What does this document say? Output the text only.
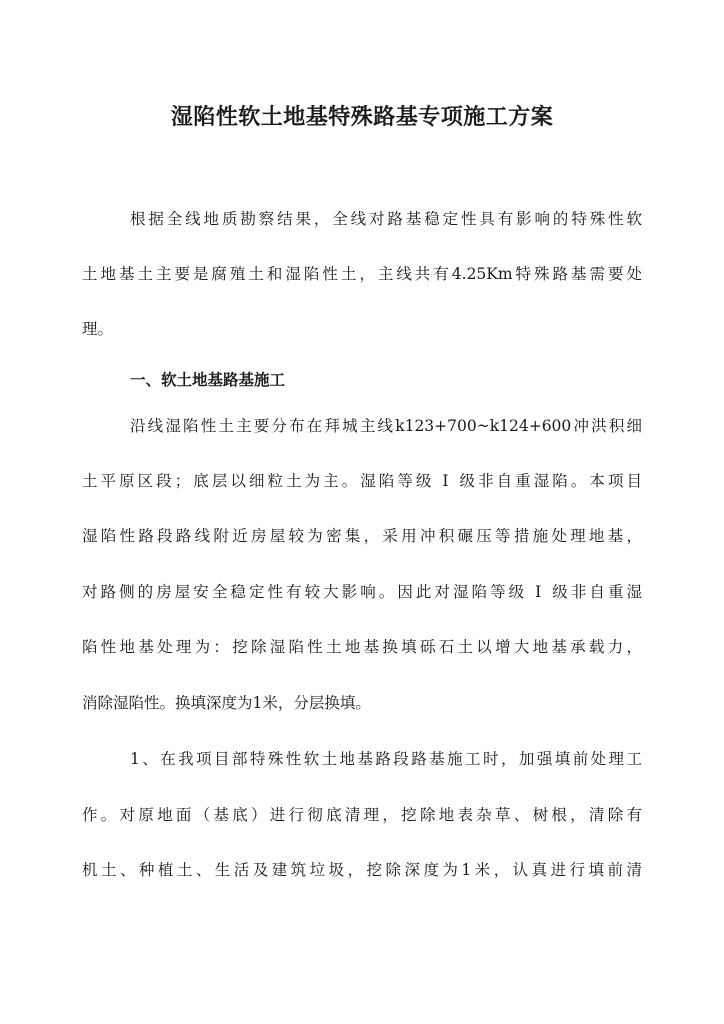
湿陷性软土地基特殊路基专项施工方案
根据全线地质勘察结果，全线对路基稳定性具有影响的特殊性软
土地基土主要是腐殖土和湿陷性土，主线共有4.25Km特殊路基需要处
理。
一、软土地基路基施工
沿线湿陷性土主要分布在拜城主线k123+700~k124+600冲洪积细
土平原区段；底层以细粒土为主。湿陷等级 Ⅰ 级非自重湿陷。本项目
湿陷性路段路线附近房屋较为密集，采用冲积碾压等措施处理地基，
对路侧的房屋安全稳定性有较大影响。因此对湿陷等级 Ⅰ 级非自重湿
陷性地基处理为：挖除湿陷性土地基换填砾石土以增大地基承载力，
消除湿陷性。换填深度为1米，分层换填。
1、在我项目部特殊性软土地基路段路基施工时，加强填前处理工
作。对原地面（基底）进行彻底清理，挖除地表杂草、树根，清除有
机土、种植土、生活及建筑垃圾，挖除深度为1米，认真进行填前清
